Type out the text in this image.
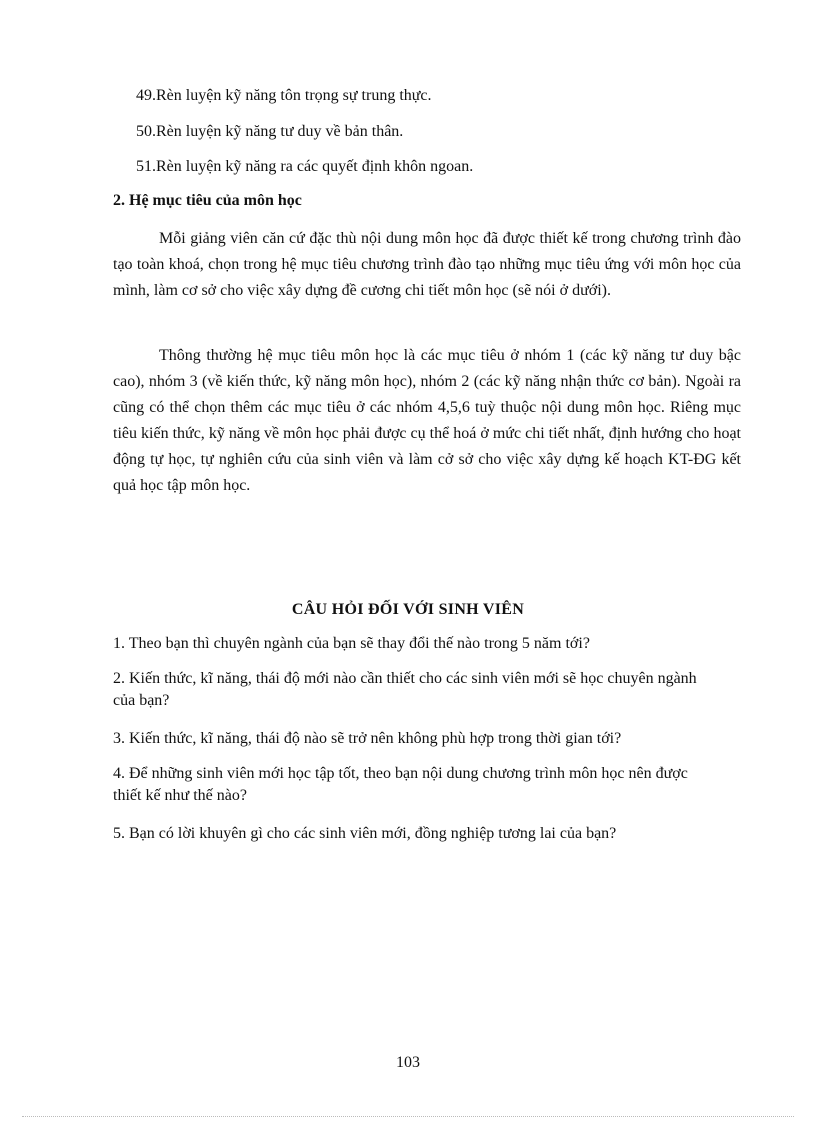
49.Rèn luyện kỹ năng tôn trọng sự trung thực.
50.Rèn luyện kỹ năng tư duy về bản thân.
51.Rèn luyện kỹ năng ra các quyết định khôn ngoan.
2. Hệ mục tiêu của môn học

Mỗi giảng viên căn cứ đặc thù nội dung môn học đã được thiết kế trong chương trình đào tạo toàn khoá, chọn trong hệ mục tiêu chương trình đào tạo những mục tiêu ứng với môn học của mình, làm cơ sở cho việc xây dựng đề cương chi tiết môn học (sẽ nói ở dưới).

Thông thường hệ mục tiêu môn học là các mục tiêu ở nhóm 1 (các kỹ năng tư duy bậc cao), nhóm 3 (về kiến thức, kỹ năng môn học), nhóm 2 (các kỹ năng nhận thức cơ bản). Ngoài ra cũng có thể chọn thêm các mục tiêu ở các nhóm 4,5,6 tuỳ thuộc nội dung môn học. Riêng mục tiêu kiến thức, kỹ năng về môn học phải được cụ thể hoá ở mức chi tiết nhất, định hướng cho hoạt động tự học, tự nghiên cứu của sinh viên và làm cở sở cho việc xây dựng kế hoạch KT-ĐG kết quả học tập môn học.

CÂU HỎI ĐỐI VỚI SINH VIÊN
1. Theo bạn thì chuyên ngành của bạn sẽ thay đổi thế nào trong 5 năm tới?
2. Kiến thức, kĩ năng, thái độ mới nào cần thiết cho các sinh viên mới sẽ học chuyên ngành của bạn?
3. Kiến thức, kĩ năng, thái độ nào sẽ trở nên không phù hợp trong thời gian tới?
4. Để những sinh viên mới học tập tốt, theo bạn nội dung chương trình môn học nên được thiết kế như thế nào?
5. Bạn có lời khuyên gì cho các sinh viên mới, đồng nghiệp tương lai của bạn?
103
